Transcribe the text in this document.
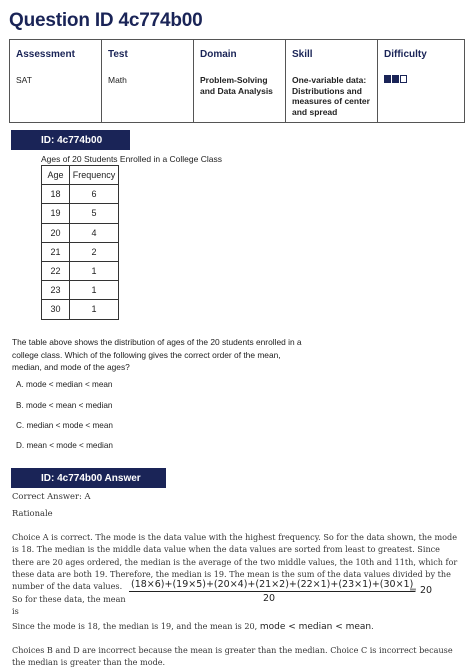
Question ID 4c774b00
Assessment
SAT
Test
Math
Domain
Problem-Solving and Data Analysis
Skill
One-variable data: Distributions and measures of center and spread
Difficulty
ID: 4c774b00
Ages of 20 Students Enrolled in a College Class
Age	Frequency
18	6
19	5
20	4
21	2
22	1
23	1
30	1
The table above shows the distribution of ages of the 20 students enrolled in a college class. Which of the following gives the correct order of the mean, median, and mode of the ages?
A. mode < median < mean
B. mode < mean < median
C. median < mode < mean
D. mean < mode < median
ID: 4c774b00 Answer
Correct Answer: A
Rationale
Choice A is correct. The mode is the data value with the highest frequency. So for the data shown, the mode is 18. The median is the middle data value when the data values are sorted from least to greatest. Since there are 20 ages ordered, the median is the average of the two middle values, the 10th and 11th, which for these data are both 19. Therefore, the median is 19. The mean is the sum of the data values divided by the number of the data values.
So for these data, the mean is
$\frac{(18\times 6)+(19\times 5)+(20\times 4)+(21\times 2)+(22\times 1)+(23\times 1)+(30\times 1)}{20} = 20$
Since the mode is 18, the median is 19, and the mean is 20, mode < median < mean.
Choices B and D are incorrect because the mean is greater than the median. Choice C is incorrect because the median is greater than the mode.
